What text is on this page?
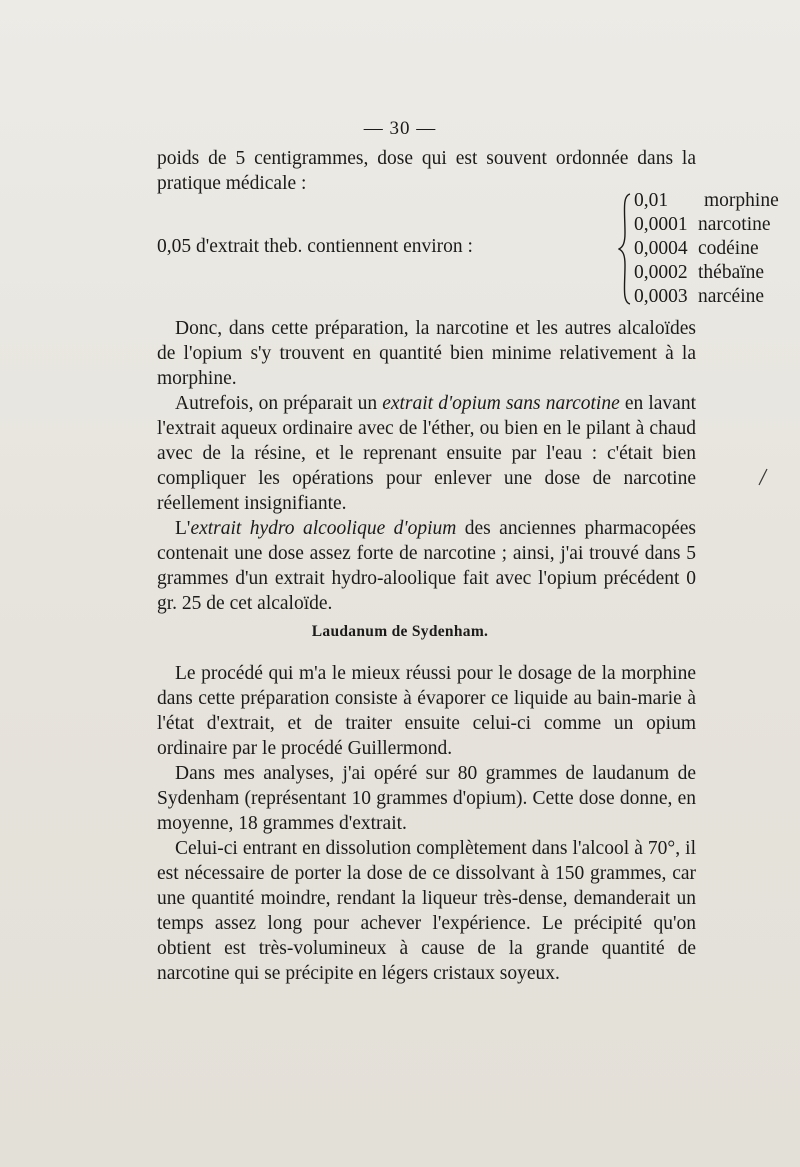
— 30 —

poids de 5 centigrammes, dose qui est souvent ordonnée dans la pratique médicale :

0,05 d'extrait theb. contiennent environ :
0,01 morphine
0,0001 narcotine
0,0004 codéine
0,0002 thébaïne
0,0003 narcéine

Donc, dans cette préparation, la narcotine et les autres alcaloïdes de l'opium s'y trouvent en quantité bien minime relativement à la morphine.

Autrefois, on préparait un extrait d'opium sans narcotine en lavant l'extrait aqueux ordinaire avec de l'éther, ou bien en le pilant à chaud avec de la résine, et le reprenant ensuite par l'eau : c'était bien compliquer les opérations pour enlever une dose de narcotine réellement insignifiante.

L'extrait hydro alcoolique d'opium des anciennes pharmacopées contenait une dose assez forte de narcotine ; ainsi, j'ai trouvé dans 5 grammes d'un extrait hydro-aloolique fait avec l'opium précédent 0 gr. 25 de cet alcaloïde.

Laudanum de Sydenham.

Le procédé qui m'a le mieux réussi pour le dosage de la morphine dans cette préparation consiste à évaporer ce liquide au bain-marie à l'état d'extrait, et de traiter ensuite celui-ci comme un opium ordinaire par le procédé Guillermond.

Dans mes analyses, j'ai opéré sur 80 grammes de laudanum de Sydenham (représentant 10 grammes d'opium). Cette dose donne, en moyenne, 18 grammes d'extrait.

Celui-ci entrant en dissolution complètement dans l'alcool à 70°, il est nécessaire de porter la dose de ce dissolvant à 150 grammes, car une quantité moindre, rendant la liqueur très-dense, demanderait un temps assez long pour achever l'expérience. Le précipité qu'on obtient est très-volumineux à cause de la grande quantité de narcotine qui se précipite en légers cristaux soyeux.
